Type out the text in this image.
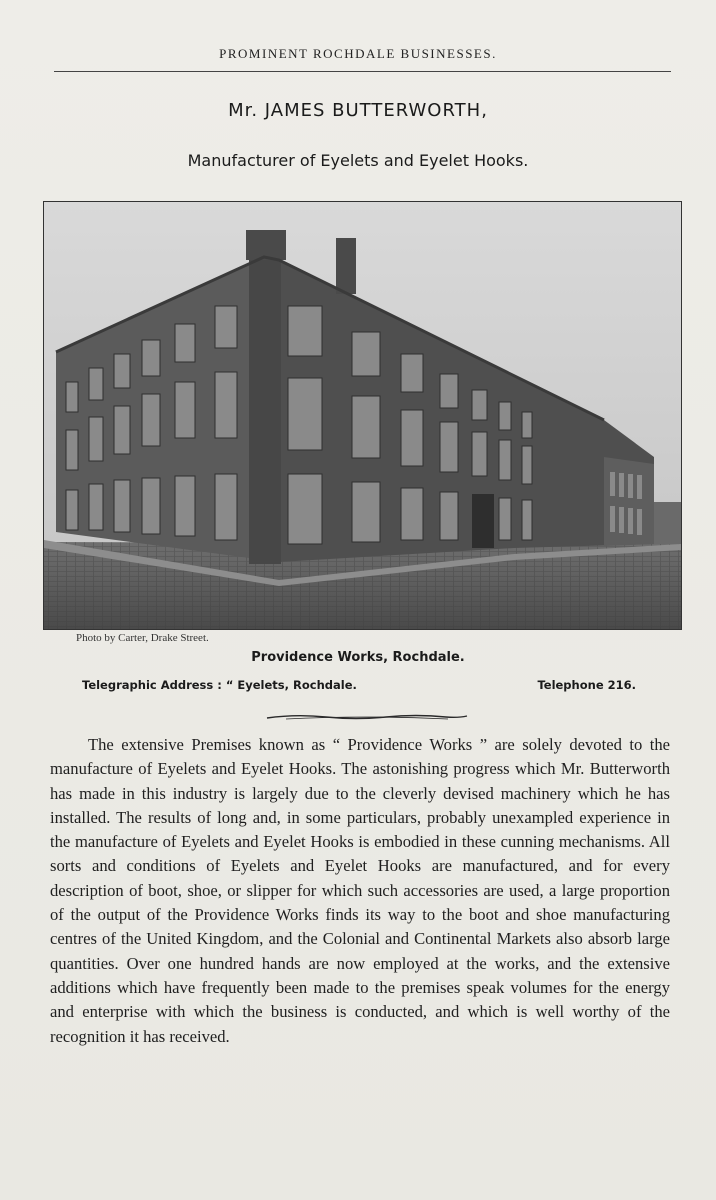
PROMINENT ROCHDALE BUSINESSES.
Mr. JAMES BUTTERWORTH,
Manufacturer of Eyelets and Eyelet Hooks.
Photo by Carter, Drake Street.
Providence Works, Rochdale.
Telegraphic Address : “ Eyelets, Rochdale.	Telephone 216.

The extensive Premises known as “ Providence Works ” are solely devoted to the manufacture of Eyelets and Eyelet Hooks. The astonishing progress which Mr. Butterworth has made in this industry is largely due to the cleverly devised machinery which he has installed. The results of long and, in some particulars, probably unexampled experience in the manufacture of Eyelets and Eyelet Hooks is embodied in these cunning mechanisms. All sorts and conditions of Eyelets and Eyelet Hooks are manufactured, and for every description of boot, shoe, or slipper for which such accessories are used, a large proportion of the output of the Providence Works finds its way to the boot and shoe manufacturing centres of the United Kingdom, and the Colonial and Continental Markets also absorb large quantities. Over one hundred hands are now employed at the works, and the extensive additions which have frequently been made to the premises speak volumes for the energy and enterprise with which the business is conducted, and which is well worthy of the recognition it has received.
